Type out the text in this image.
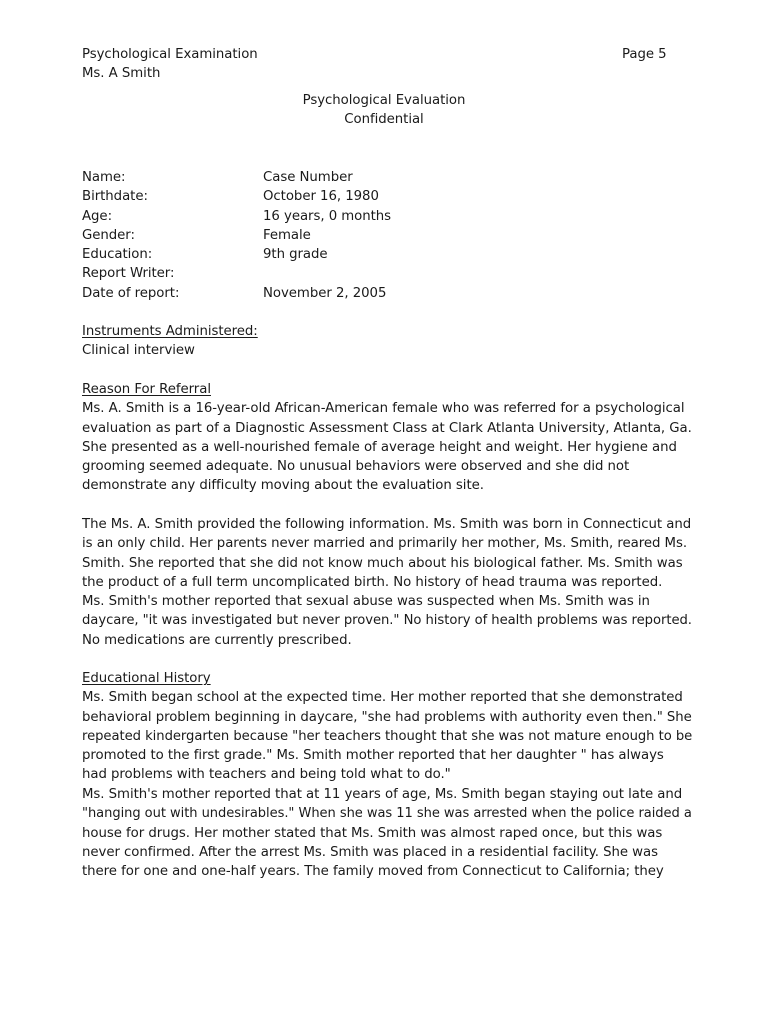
Psychological Examination
Ms. A Smith
Page 5
Psychological Evaluation
Confidential
Name:	Case Number
Birthdate:	October 16, 1980
Age:	16 years, 0 months
Gender:	Female
Education:	9th grade
Report Writer:
Date of report:	November 2, 2005
Instruments Administered:
Clinical interview
Reason For Referral
Ms. A. Smith is a 16-year-old African-American female who was referred for a psychological
evaluation as part of a Diagnostic Assessment Class at Clark Atlanta University, Atlanta, Ga.
She presented as a well-nourished female of average height and weight. Her hygiene and
grooming seemed adequate. No unusual behaviors were observed and she did not
demonstrate any difficulty moving about the evaluation site.
The Ms. A. Smith provided the following information. Ms. Smith was born in Connecticut and
is an only child. Her parents never married and primarily her mother, Ms. Smith, reared Ms.
Smith. She reported that she did not know much about his biological father. Ms. Smith was
the product of a full term uncomplicated birth. No history of head trauma was reported.
Ms. Smith's mother reported that sexual abuse was suspected when Ms. Smith was in
daycare, "it was investigated but never proven." No history of health problems was reported.
No medications are currently prescribed.
Educational History
Ms. Smith began school at the expected time. Her mother reported that she demonstrated
behavioral problem beginning in daycare, "she had problems with authority even then." She
repeated kindergarten because "her teachers thought that she was not mature enough to be
promoted to the first grade." Ms. Smith mother reported that her daughter " has always
had problems with teachers and being told what to do."
Ms. Smith's mother reported that at 11 years of age, Ms. Smith began staying out late and
"hanging out with undesirables." When she was 11 she was arrested when the police raided a
house for drugs. Her mother stated that Ms. Smith was almost raped once, but this was
never confirmed. After the arrest Ms. Smith was placed in a residential facility. She was
there for one and one-half years. The family moved from Connecticut to California; they
